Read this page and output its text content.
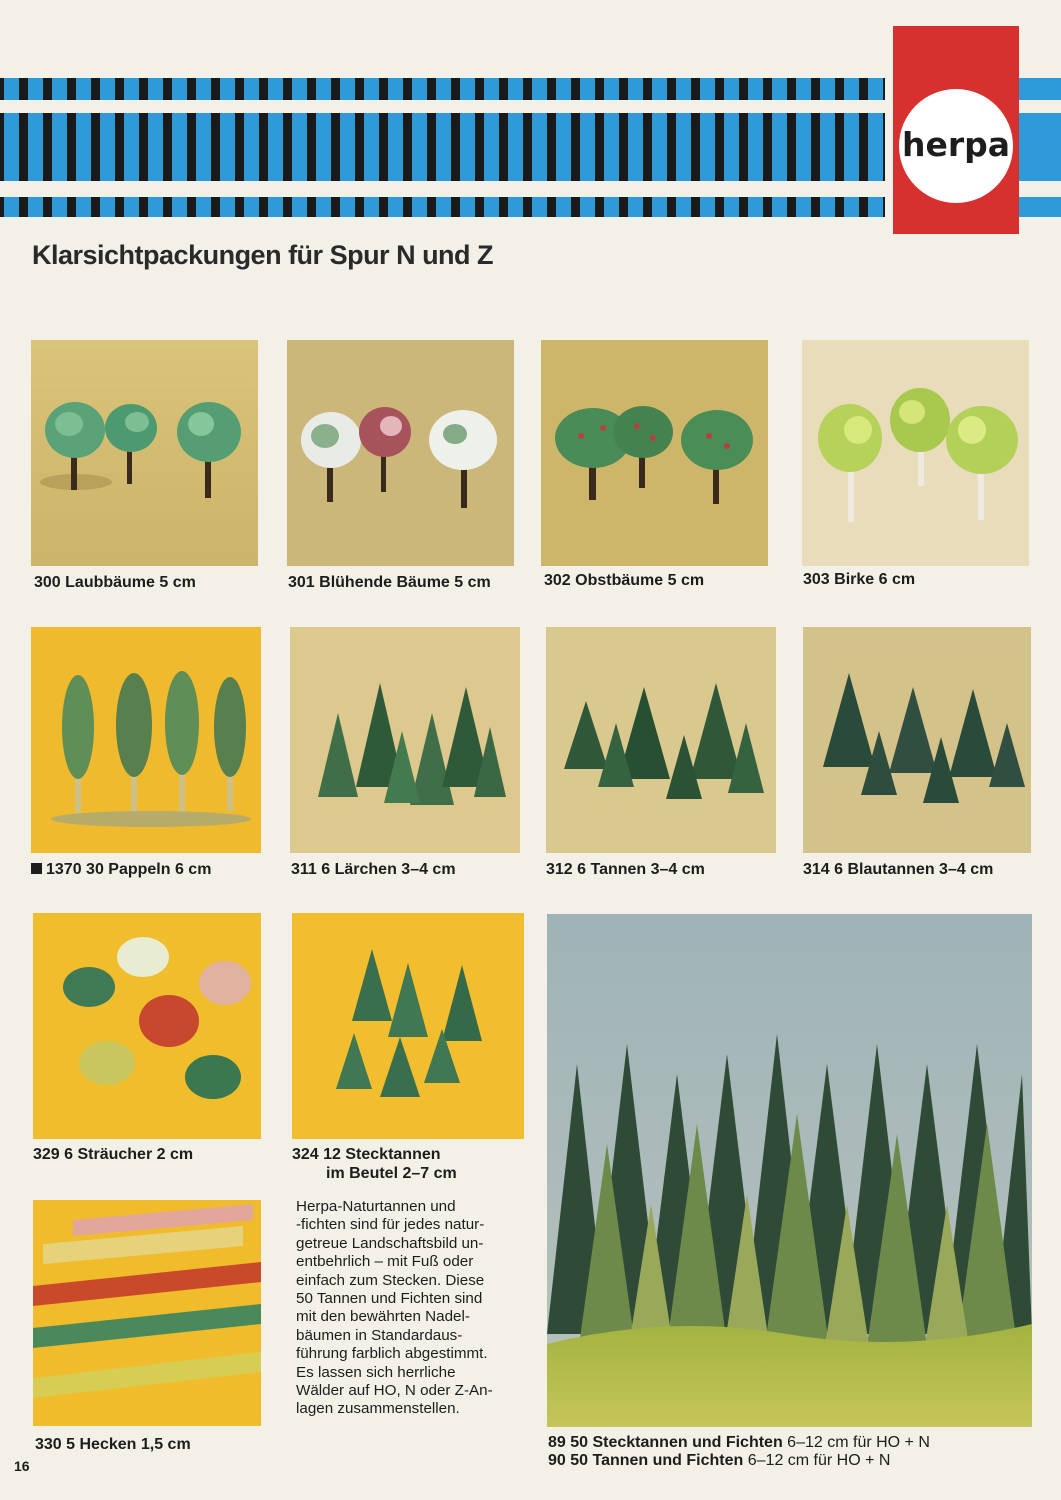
herpa
Klarsichtpackungen für Spur N und Z
300 Laubbäume 5 cm	301 Blühende Bäume 5 cm	302 Obstbäume 5 cm	303 Birke 6 cm
1370 30 Pappeln 6 cm	311 6 Lärchen 3–4 cm	312 6 Tannen 3–4 cm	314 6 Blautannen 3–4 cm
329 6 Sträucher 2 cm	324 12 Stecktannen
im Beutel 2–7 cm
330 5 Hecken 1,5 cm
Herpa-Naturtannen und
-fichten sind für jedes natur-
getreue Landschaftsbild un-
entbehrlich – mit Fuß oder
einfach zum Stecken. Diese
50 Tannen und Fichten sind
mit den bewährten Nadel-
bäumen in Standardaus-
führung farblich abgestimmt.
Es lassen sich herrliche
Wälder auf HO, N oder Z-An-
lagen zusammenstellen.
89 50 Stecktannen und Fichten 6–12 cm für HO + N
90 50 Tannen und Fichten 6–12 cm für HO + N
16
